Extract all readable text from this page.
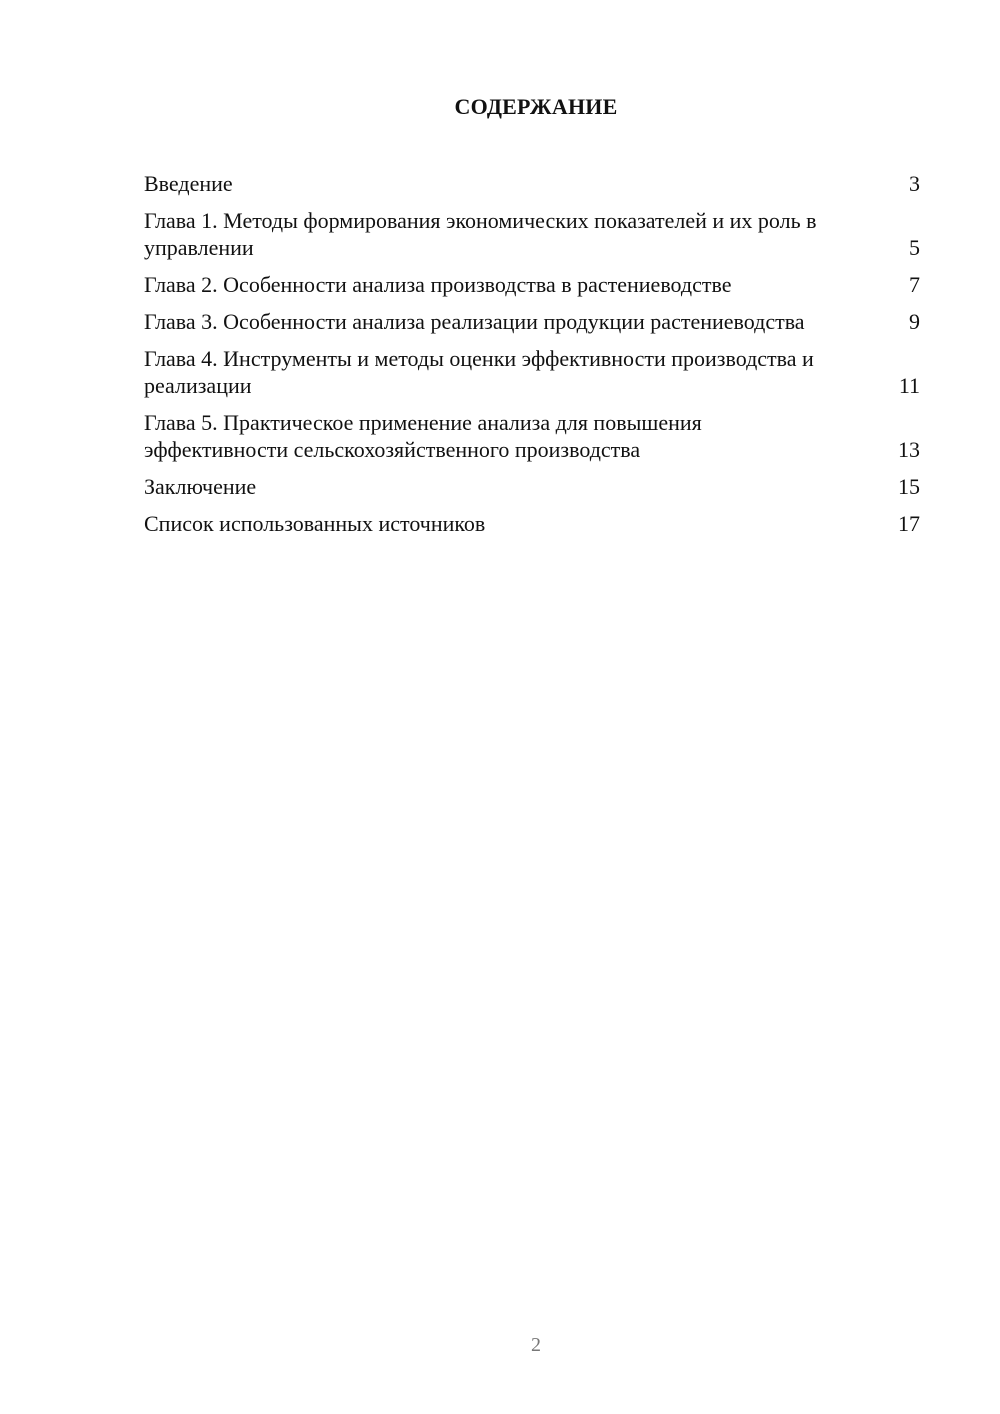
СОДЕРЖАНИЕ
Введение	3
Глава 1. Методы формирования экономических показателей и их роль в управлении	5
Глава 2. Особенности анализа производства в растениеводстве	7
Глава 3. Особенности анализа реализации продукции растениеводства	9
Глава 4. Инструменты и методы оценки эффективности производства и реализации	11
Глава 5. Практическое применение анализа для повышения эффективности сельскохозяйственного производства	13
Заключение	15
Список использованных источников	17
2
